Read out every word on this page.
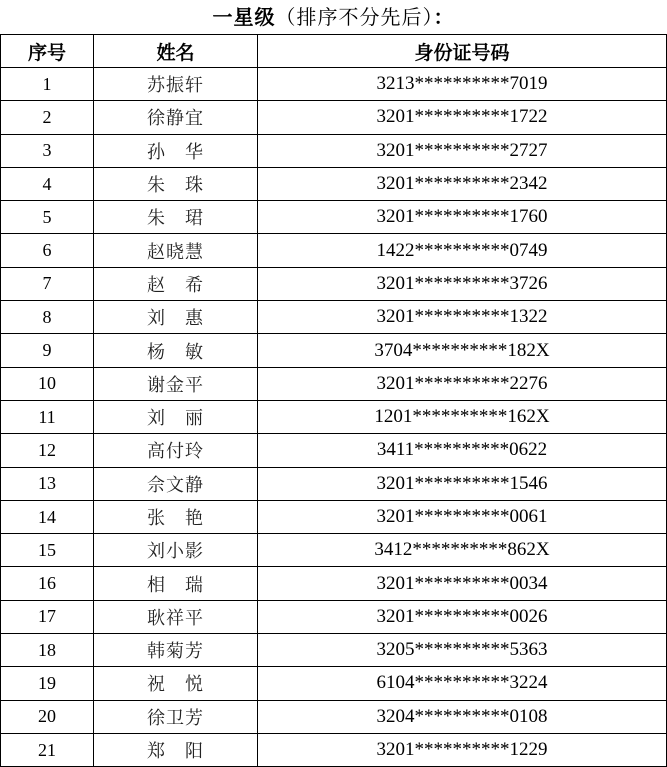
一星级（排序不分先后）：
序号	姓名	身份证号码
1	苏振轩	3213**********7019
2	徐静宜	3201**********1722
3	孙　华	3201**********2727
4	朱　珠	3201**********2342
5	朱　珺	3201**********1760
6	赵晓慧	1422**********0749
7	赵　希	3201**********3726
8	刘　惠	3201**********1322
9	杨　敏	3704**********182X
10	谢金平	3201**********2276
11	刘　丽	1201**********162X
12	高付玲	3411**********0622
13	佘文静	3201**********1546
14	张　艳	3201**********0061
15	刘小影	3412**********862X
16	相　瑞	3201**********0034
17	耿祥平	3201**********0026
18	韩菊芳	3205**********5363
19	祝　悦	6104**********3224
20	徐卫芳	3204**********0108
21	郑　阳	3201**********1229
